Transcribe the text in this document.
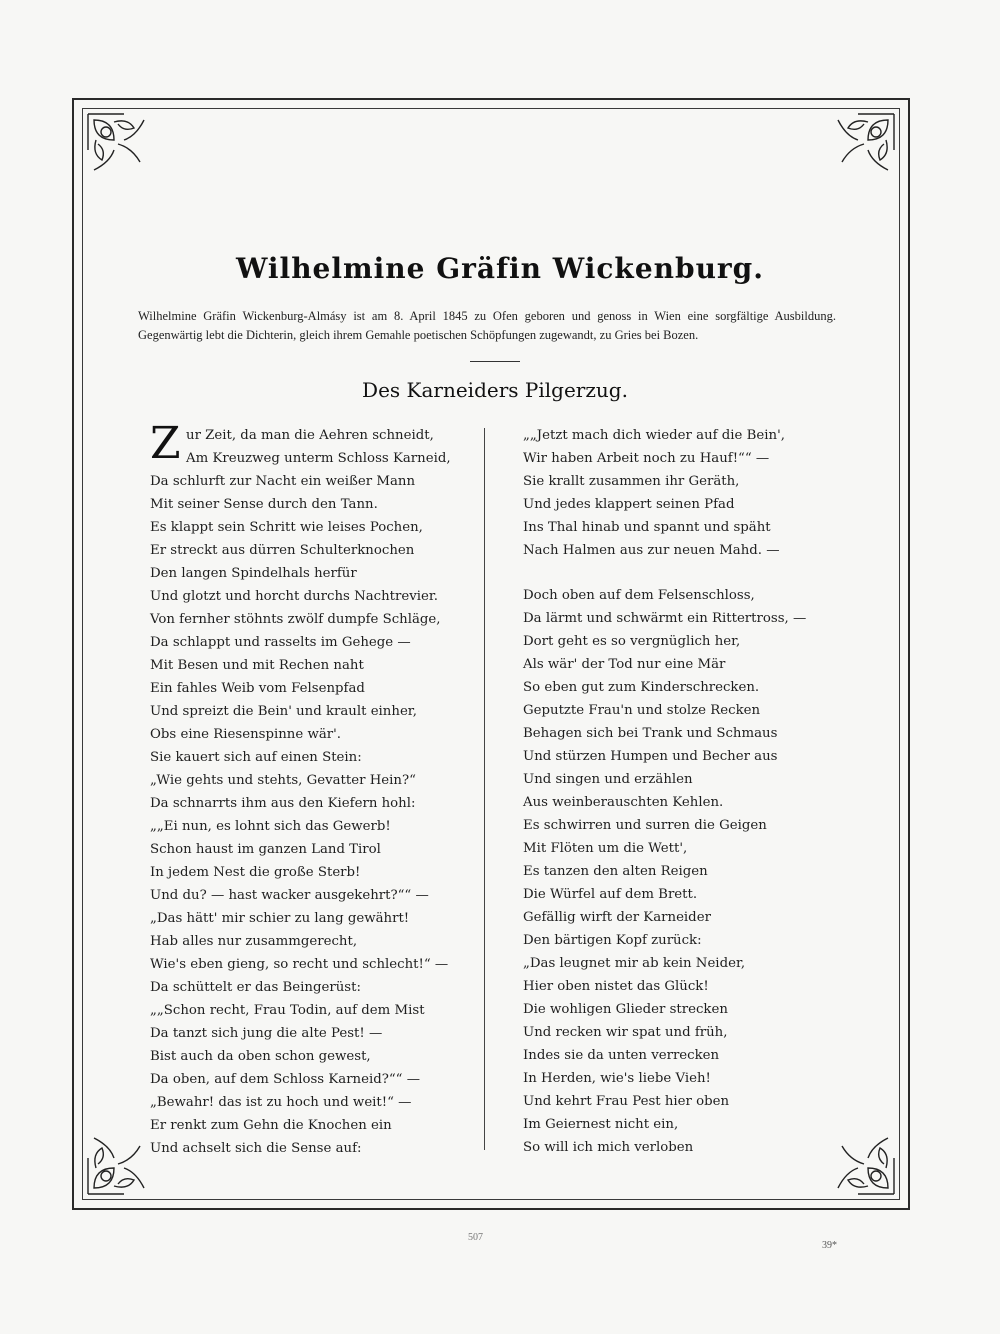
Wilhelmine Gräfin Wickenburg.
Wilhelmine Gräfin Wickenburg-Almásy ist am 8. April 1845 zu Ofen geboren und genoss in Wien eine sorgfältige Ausbildung. Gegenwärtig lebt die Dichterin, gleich ihrem Gemahle poetischen Schöpfungen zugewandt, zu Gries bei Bozen.
Des Karneiders Pilgerzug.
Z ur Zeit, da man die Aehren schneidt,
Am Kreuzweg unterm Schloss Karneid,
Da schlurft zur Nacht ein weißer Mann
Mit seiner Sense durch den Tann.
Es klappt sein Schritt wie leises Pochen,
Er streckt aus dürren Schulterknochen
Den langen Spindelhals herfür
Und glotzt und horcht durchs Nachtrevier.
Von fernher stöhnts zwölf dumpfe Schläge,
Da schlappt und rasselts im Gehege —
Mit Besen und mit Rechen naht
Ein fahles Weib vom Felsenpfad
Und spreizt die Bein' und krault einher,
Obs eine Riesenspinne wär'.
Sie kauert sich auf einen Stein:
„Wie gehts und stehts, Gevatter Hein?“
Da schnarrts ihm aus den Kiefern hohl:
„„Ei nun, es lohnt sich das Gewerb!
Schon haust im ganzen Land Tirol
In jedem Nest die große Sterb!
Und du? — hast wacker ausgekehrt?““ —
„Das hätt' mir schier zu lang gewährt!
Hab alles nur zusammgerecht,
Wie's eben gieng, so recht und schlecht!“ —
Da schüttelt er das Beingerüst:
„„Schon recht, Frau Todin, auf dem Mist
Da tanzt sich jung die alte Pest! —
Bist auch da oben schon gewest,
Da oben, auf dem Schloss Karneid?““ —
„Bewahr! das ist zu hoch und weit!“ —
Er renkt zum Gehn die Knochen ein
Und achselt sich die Sense auf:
„„Jetzt mach dich wieder auf die Bein',
Wir haben Arbeit noch zu Hauf!““ —
Sie krallt zusammen ihr Geräth,
Und jedes klappert seinen Pfad
Ins Thal hinab und spannt und späht
Nach Halmen aus zur neuen Mahd. —
Doch oben auf dem Felsenschloss,
Da lärmt und schwärmt ein Rittertross, —
Dort geht es so vergnüglich her,
Als wär' der Tod nur eine Mär
So eben gut zum Kinderschrecken.
Geputzte Frau'n und stolze Recken
Behagen sich bei Trank und Schmaus
Und stürzen Humpen und Becher aus
Und singen und erzählen
Aus weinberauschten Kehlen.
Es schwirren und surren die Geigen
Mit Flöten um die Wett',
Es tanzen den alten Reigen
Die Würfel auf dem Brett.
Gefällig wirft der Karneider
Den bärtigen Kopf zurück:
„Das leugnet mir ab kein Neider,
Hier oben nistet das Glück!
Die wohligen Glieder strecken
Und recken wir spat und früh,
Indes sie da unten verrecken
In Herden, wie's liebe Vieh!
Und kehrt Frau Pest hier oben
Im Geiernest nicht ein,
So will ich mich verloben
507
39*
